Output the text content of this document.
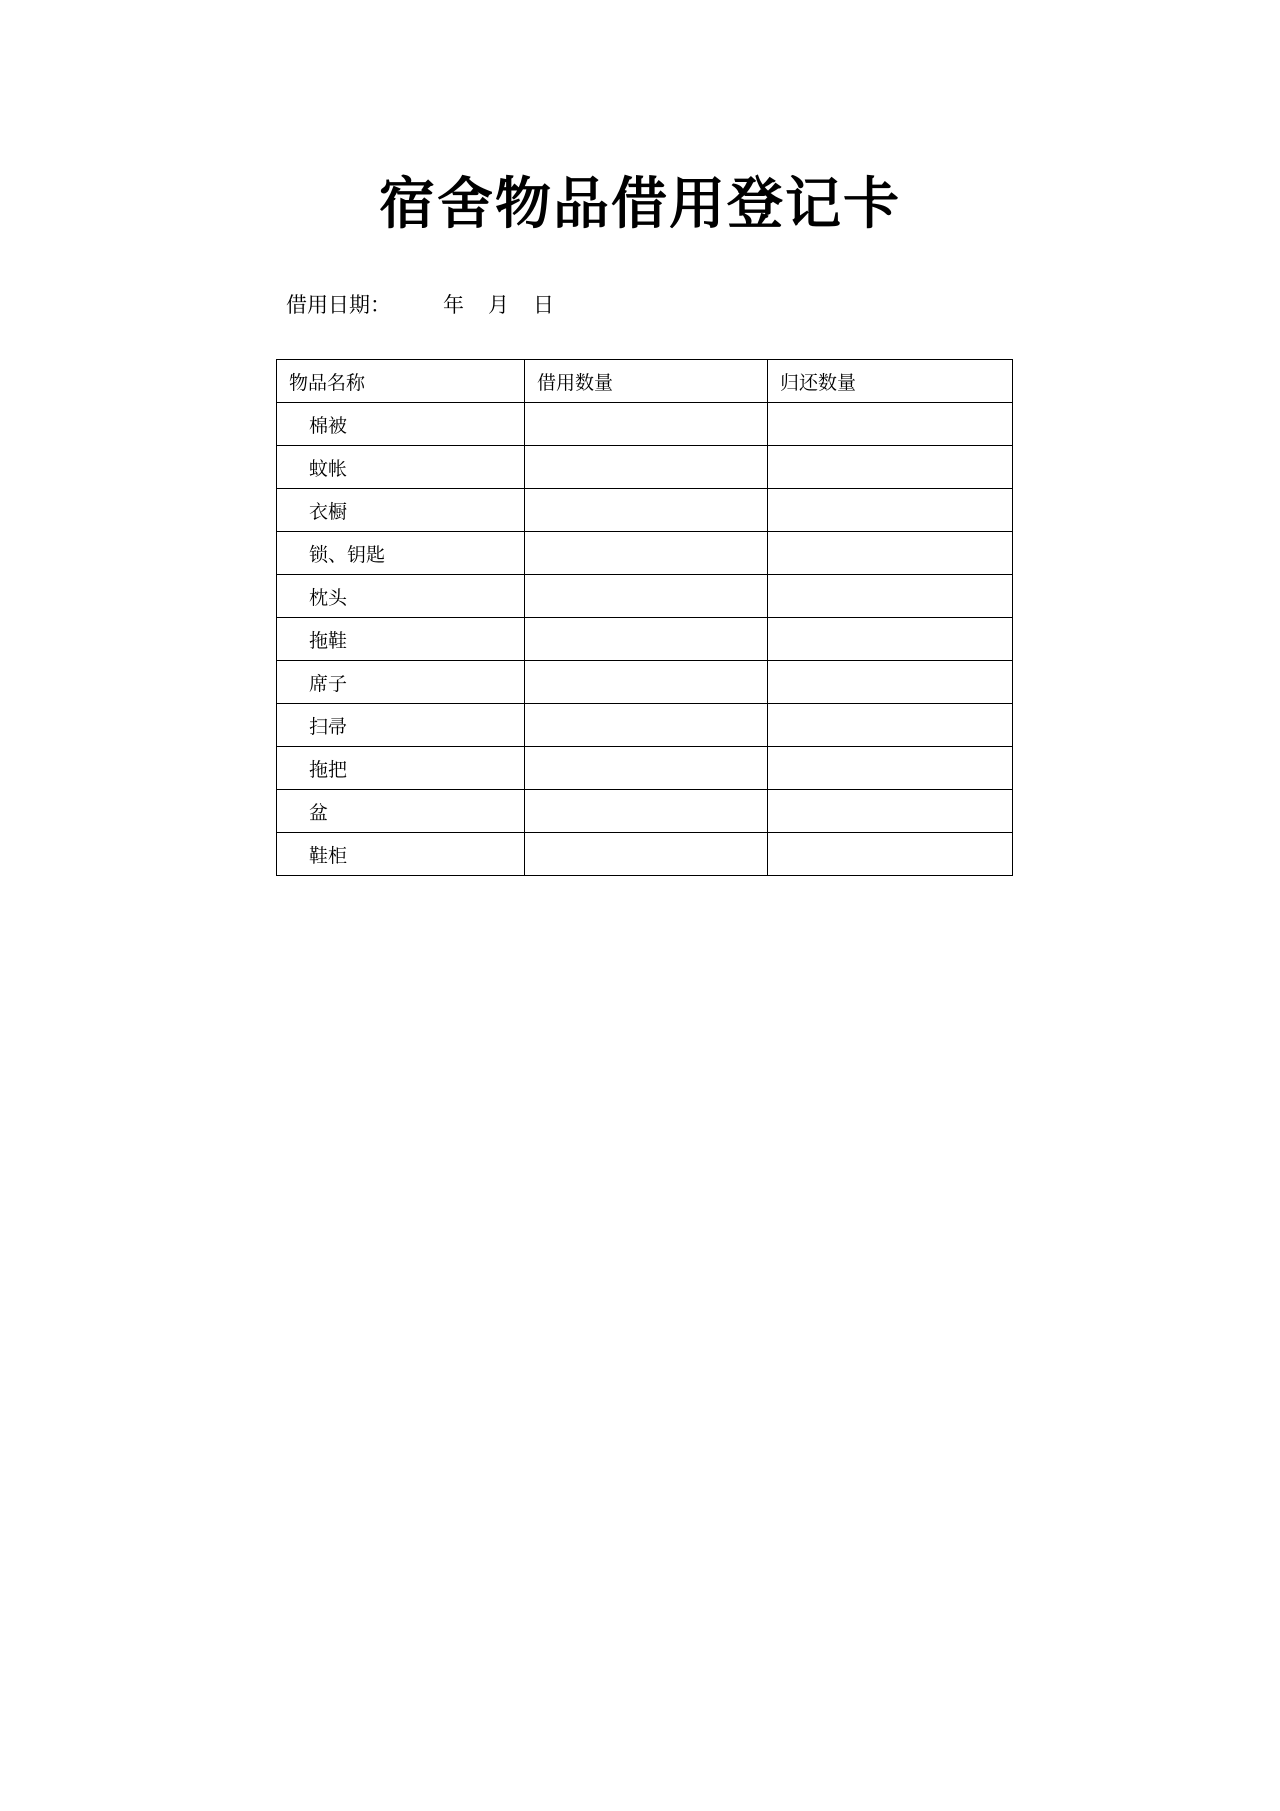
宿舍物品借用登记卡
借用日期： 年 月 日
物品名称	借用数量	归还数量
棉被		
蚊帐		
衣橱		
锁、钥匙		
枕头		
拖鞋		
席子		
扫帚		
拖把		
盆		
鞋柜		
